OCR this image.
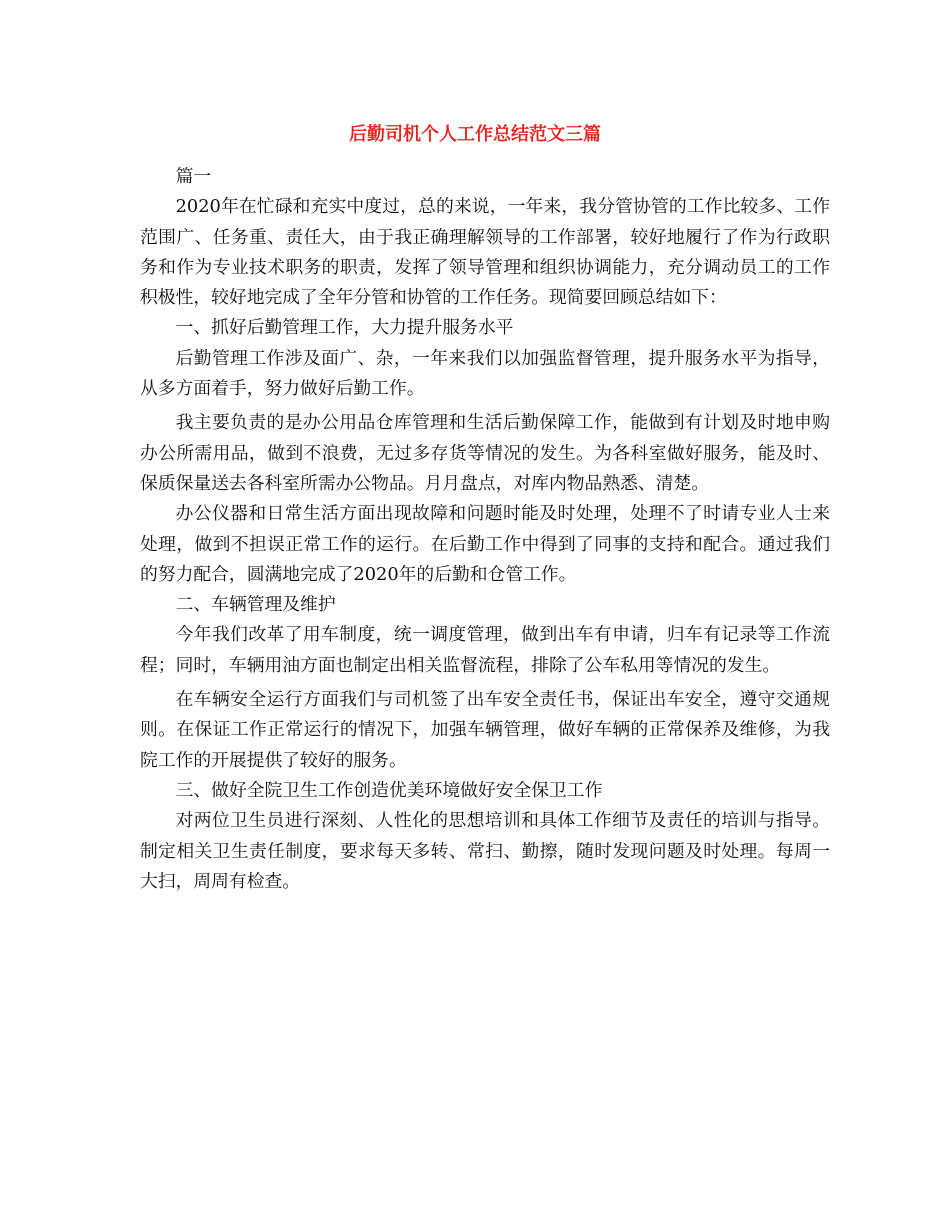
后勤司机个人工作总结范文三篇

篇一

2020年在忙碌和充实中度过，总的来说，一年来，我分管协管的工作比较多、工作范围广、任务重、责任大，由于我正确理解领导的工作部署，较好地履行了作为行政职务和作为专业技术职务的职责，发挥了领导管理和组织协调能力，充分调动员工的工作积极性，较好地完成了全年分管和协管的工作任务。现简要回顾总结如下：

一、抓好后勤管理工作，大力提升服务水平

后勤管理工作涉及面广、杂，一年来我们以加强监督管理，提升服务水平为指导，从多方面着手，努力做好后勤工作。

我主要负责的是办公用品仓库管理和生活后勤保障工作，能做到有计划及时地申购办公所需用品，做到不浪费，无过多存货等情况的发生。为各科室做好服务，能及时、保质保量送去各科室所需办公物品。月月盘点，对库内物品熟悉、清楚。

办公仪器和日常生活方面出现故障和问题时能及时处理，处理不了时请专业人士来处理，做到不担误正常工作的运行。在后勤工作中得到了同事的支持和配合。通过我们的努力配合，圆满地完成了2020年的后勤和仓管工作。

二、车辆管理及维护

今年我们改革了用车制度，统一调度管理，做到出车有申请，归车有记录等工作流程；同时，车辆用油方面也制定出相关监督流程，排除了公车私用等情况的发生。

在车辆安全运行方面我们与司机签了出车安全责任书，保证出车安全，遵守交通规则。在保证工作正常运行的情况下，加强车辆管理，做好车辆的正常保养及维修，为我院工作的开展提供了较好的服务。

三、做好全院卫生工作创造优美环境做好安全保卫工作

对两位卫生员进行深刻、人性化的思想培训和具体工作细节及责任的培训与指导。制定相关卫生责任制度，要求每天多转、常扫、勤擦，随时发现问题及时处理。每周一大扫，周周有检查。
